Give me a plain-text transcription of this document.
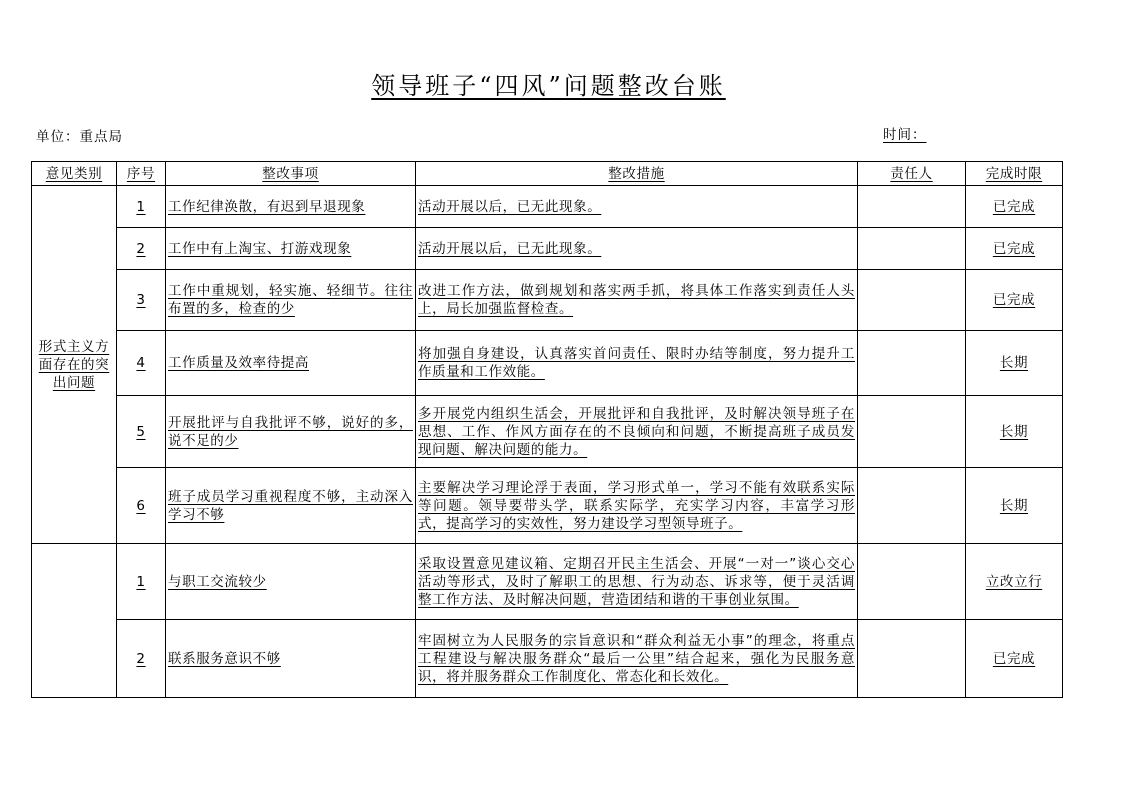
领导班子“四风”问题整改台账
单位：重点局	时间：
意见类别	序号	整改事项	整改措施	责任人	完成时限
形式主义方面存在的突出问题	1	工作纪律涣散，有迟到早退现象	活动开展以后，已无此现象。		已完成
	2	工作中有上淘宝、打游戏现象	活动开展以后，已无此现象。		已完成
	3	工作中重规划，轻实施、轻细节。往往布置的多，检查的少	改进工作方法，做到规划和落实两手抓，将具体工作落实到责任人头上，局长加强监督检查。		已完成
	4	工作质量及效率待提高	将加强自身建设，认真落实首问责任、限时办结等制度，努力提升工作质量和工作效能。		长期
	5	开展批评与自我批评不够，说好的多，说不足的少	多开展党内组织生活会，开展批评和自我批评，及时解决领导班子在思想、工作、作风方面存在的不良倾向和问题，不断提高班子成员发现问题、解决问题的能力。		长期
	6	班子成员学习重视程度不够，主动深入学习不够	主要解决学习理论浮于表面，学习形式单一，学习不能有效联系实际等问题。领导要带头学，联系实际学，充实学习内容，丰富学习形式，提高学习的实效性，努力建设学习型领导班子。		长期
	1	与职工交流较少	采取设置意见建议箱、定期召开民主生活会、开展“一对一”谈心交心活动等形式，及时了解职工的思想、行为动态、诉求等，便于灵活调整工作方法、及时解决问题，营造团结和谐的干事创业氛围。		立改立行
	2	联系服务意识不够	牢固树立为人民服务的宗旨意识和“群众利益无小事”的理念，将重点工程建设与解决服务群众“最后一公里”结合起来，强化为民服务意识，将并服务群众工作制度化、常态化和长效化。		已完成
